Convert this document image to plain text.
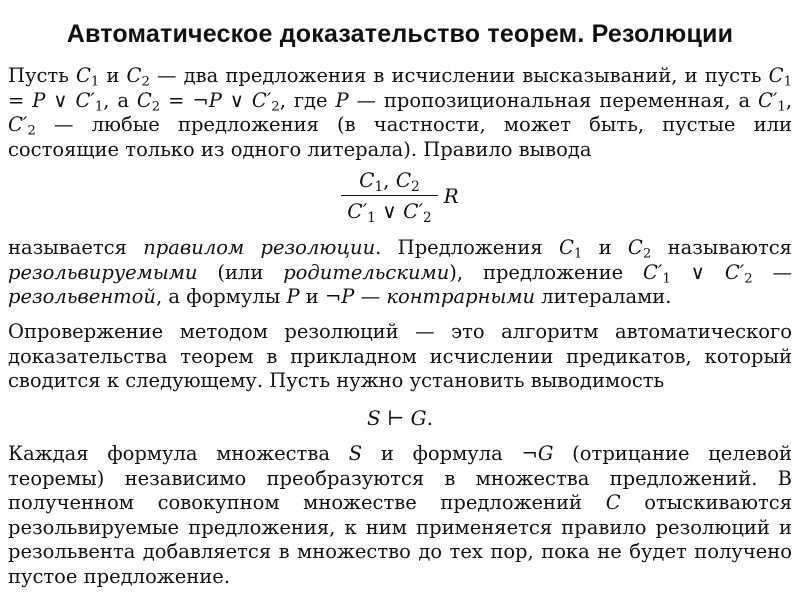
Автоматическое доказательство теорем. Резолюции
Пусть $C_1$ и $C_2$ — два предложения в исчислении высказываний, и пусть $C_1 = P$ ∨ $C'_1$, а $C_2$ = ¬P ∨ $C'_2$, где P — пропозициональная переменная, а $C'_1$, $C'_2$ — любые предложения (в частности, может быть, пустые или состоящие только из одного литерала). Правило вывода
$\frac{C_1, C_2}{C'_1 \vee C'_2}$ R
называется правилом резолюции. Предложения $C_1$ и $C_2$ называются резольвируемыми (или родительскими), предложение $C'_1$ ∨ $C'_2$ — резольвентой, а формулы P и ¬P — контрарными литералами.
Опровержение методом резолюций — это алгоритм автоматического доказательства теорем в прикладном исчислении предикатов, который сводится к следующему. Пусть нужно установить выводимость
S ⊢ G.
Каждая формула множества S и формула ¬G (отрицание целевой теоремы) независимо преобразуются в множества предложений. В полученном совокупном множестве предложений C отыскиваются резольвируемые предложения, к ним применяется правило резолюций и резольвента добавляется в множество до тех пор, пока не будет получено пустое предложение.
